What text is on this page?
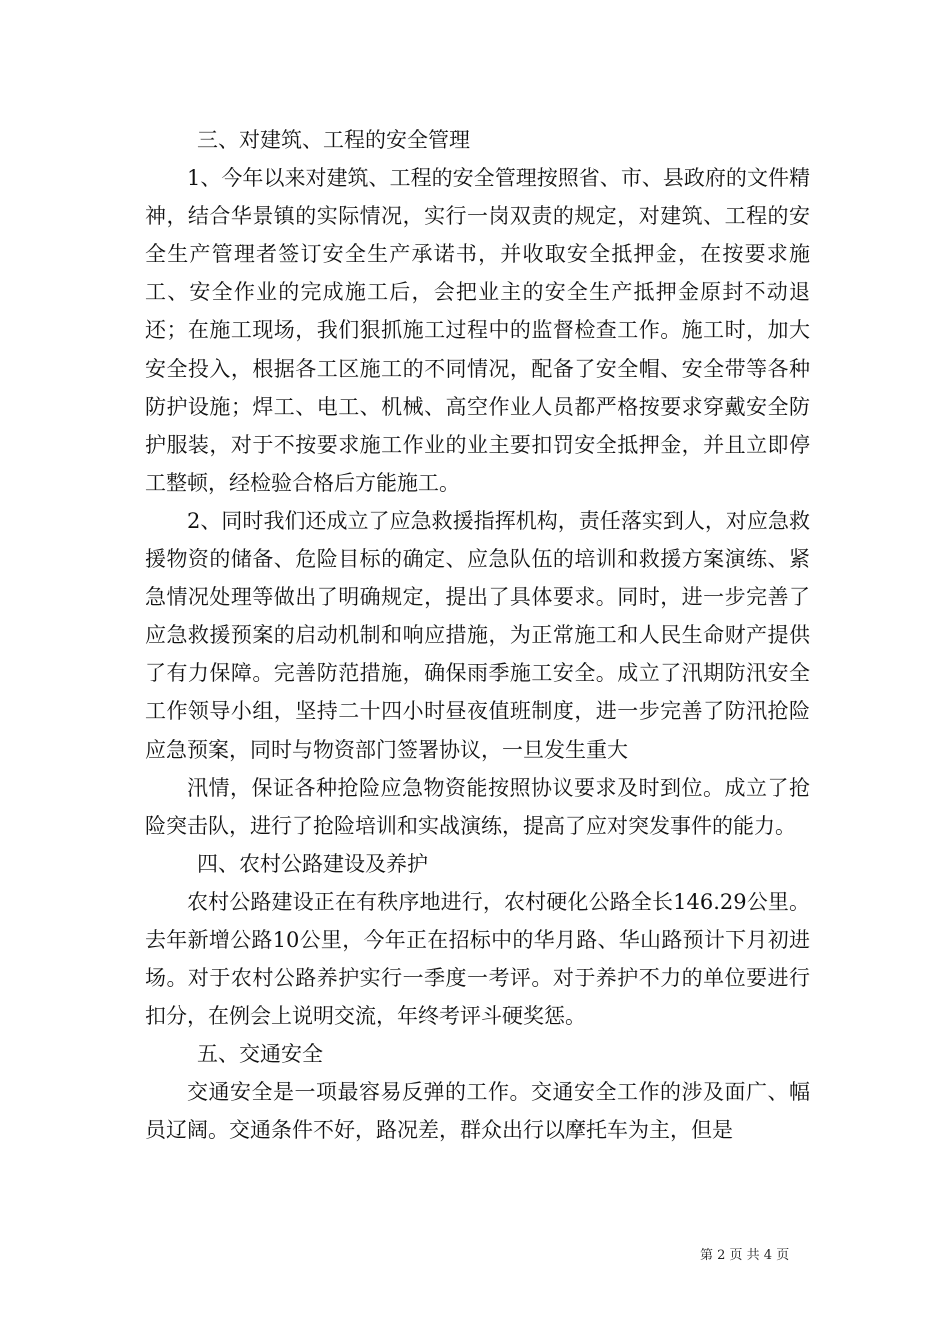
三、对建筑、工程的安全管理

1、今年以来对建筑、工程的安全管理按照省、市、县政府的文件精神，结合华景镇的实际情况，实行一岗双责的规定，对建筑、工程的安全生产管理者签订安全生产承诺书，并收取安全抵押金，在按要求施工、安全作业的完成施工后，会把业主的安全生产抵押金原封不动退还；在施工现场，我们狠抓施工过程中的监督检查工作。施工时，加大安全投入，根据各工区施工的不同情况，配备了安全帽、安全带等各种防护设施；焊工、电工、机械、高空作业人员都严格按要求穿戴安全防护服装，对于不按要求施工作业的业主要扣罚安全抵押金，并且立即停工整顿，经检验合格后方能施工。

2、同时我们还成立了应急救援指挥机构，责任落实到人，对应急救援物资的储备、危险目标的确定、应急队伍的培训和救援方案演练、紧急情况处理等做出了明确规定，提出了具体要求。同时，进一步完善了应急救援预案的启动机制和响应措施，为正常施工和人民生命财产提供了有力保障。完善防范措施，确保雨季施工安全。成立了汛期防汛安全工作领导小组，坚持二十四小时昼夜值班制度，进一步完善了防汛抢险应急预案，同时与物资部门签署协议，一旦发生重大

汛情，保证各种抢险应急物资能按照协议要求及时到位。成立了抢险突击队，进行了抢险培训和实战演练，提高了应对突发事件的能力。

四、农村公路建设及养护

农村公路建设正在有秩序地进行，农村硬化公路全长146.29公里。去年新增公路10公里，今年正在招标中的华月路、华山路预计下月初进场。对于农村公路养护实行一季度一考评。对于养护不力的单位要进行扣分，在例会上说明交流，年终考评斗硬奖惩。

五、交通安全

交通安全是一项最容易反弹的工作。交通安全工作的涉及面广、幅员辽阔。交通条件不好，路况差，群众出行以摩托车为主，但是

第 2 页 共 4 页
